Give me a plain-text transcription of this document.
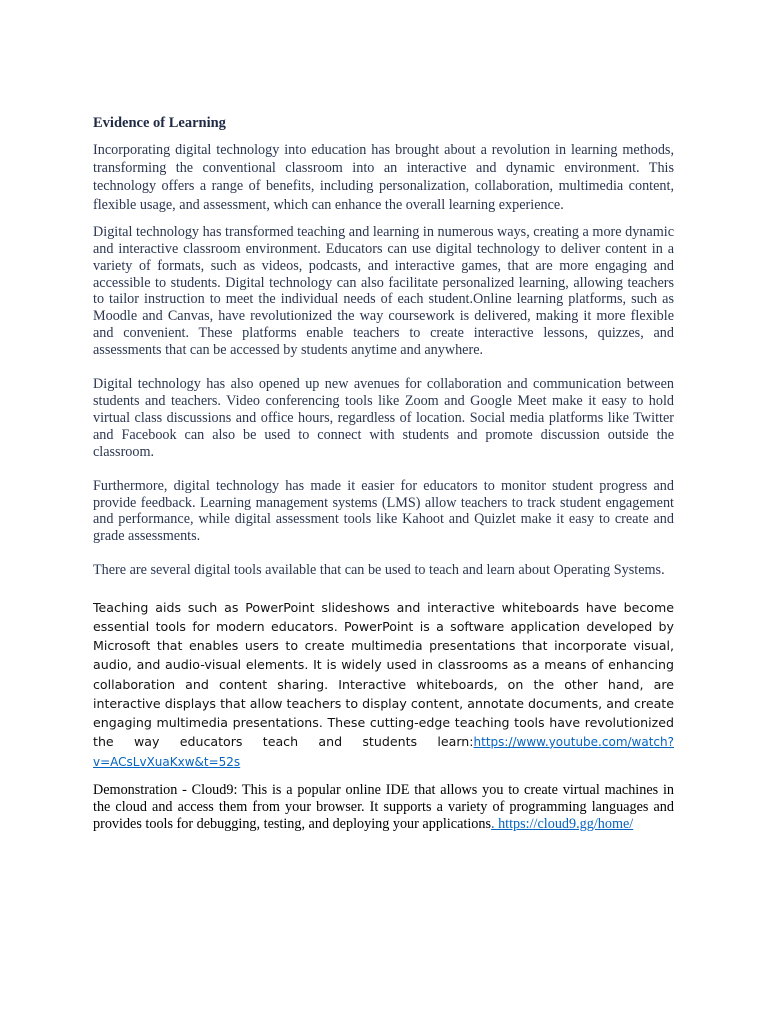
Evidence of Learning

Incorporating digital technology into education has brought about a revolution in learning methods, transforming the conventional classroom into an interactive and dynamic environment. This technology offers a range of benefits, including personalization, collaboration, multimedia content, flexible usage, and assessment, which can enhance the overall learning experience.

Digital technology has transformed teaching and learning in numerous ways, creating a more dynamic and interactive classroom environment. Educators can use digital technology to deliver content in a variety of formats, such as videos, podcasts, and interactive games, that are more engaging and accessible to students. Digital technology can also facilitate personalized learning, allowing teachers to tailor instruction to meet the individual needs of each student.Online learning platforms, such as Moodle and Canvas, have revolutionized the way coursework is delivered, making it more flexible and convenient. These platforms enable teachers to create interactive lessons, quizzes, and assessments that can be accessed by students anytime and anywhere.

Digital technology has also opened up new avenues for collaboration and communication between students and teachers. Video conferencing tools like Zoom and Google Meet make it easy to hold virtual class discussions and office hours, regardless of location. Social media platforms like Twitter and Facebook can also be used to connect with students and promote discussion outside the classroom.

Furthermore, digital technology has made it easier for educators to monitor student progress and provide feedback. Learning management systems (LMS) allow teachers to track student engagement and performance, while digital assessment tools like Kahoot and Quizlet make it easy to create and grade assessments.

There are several digital tools available that can be used to teach and learn about Operating Systems.

Teaching aids such as PowerPoint slideshows and interactive whiteboards have become essential tools for modern educators. PowerPoint is a software application developed by Microsoft that enables users to create multimedia presentations that incorporate visual, audio, and audio-visual elements. It is widely used in classrooms as a means of enhancing collaboration and content sharing. Interactive whiteboards, on the other hand, are interactive displays that allow teachers to display content, annotate documents, and create engaging multimedia presentations. These cutting-edge teaching tools have revolutionized the way educators teach and students learn:https://www.youtube.com/watch?v=ACsLvXuaKxw&t=52s

Demonstration - Cloud9: This is a popular online IDE that allows you to create virtual machines in the cloud and access them from your browser. It supports a variety of programming languages and provides tools for debugging, testing, and deploying your applications. https://cloud9.gg/home/
